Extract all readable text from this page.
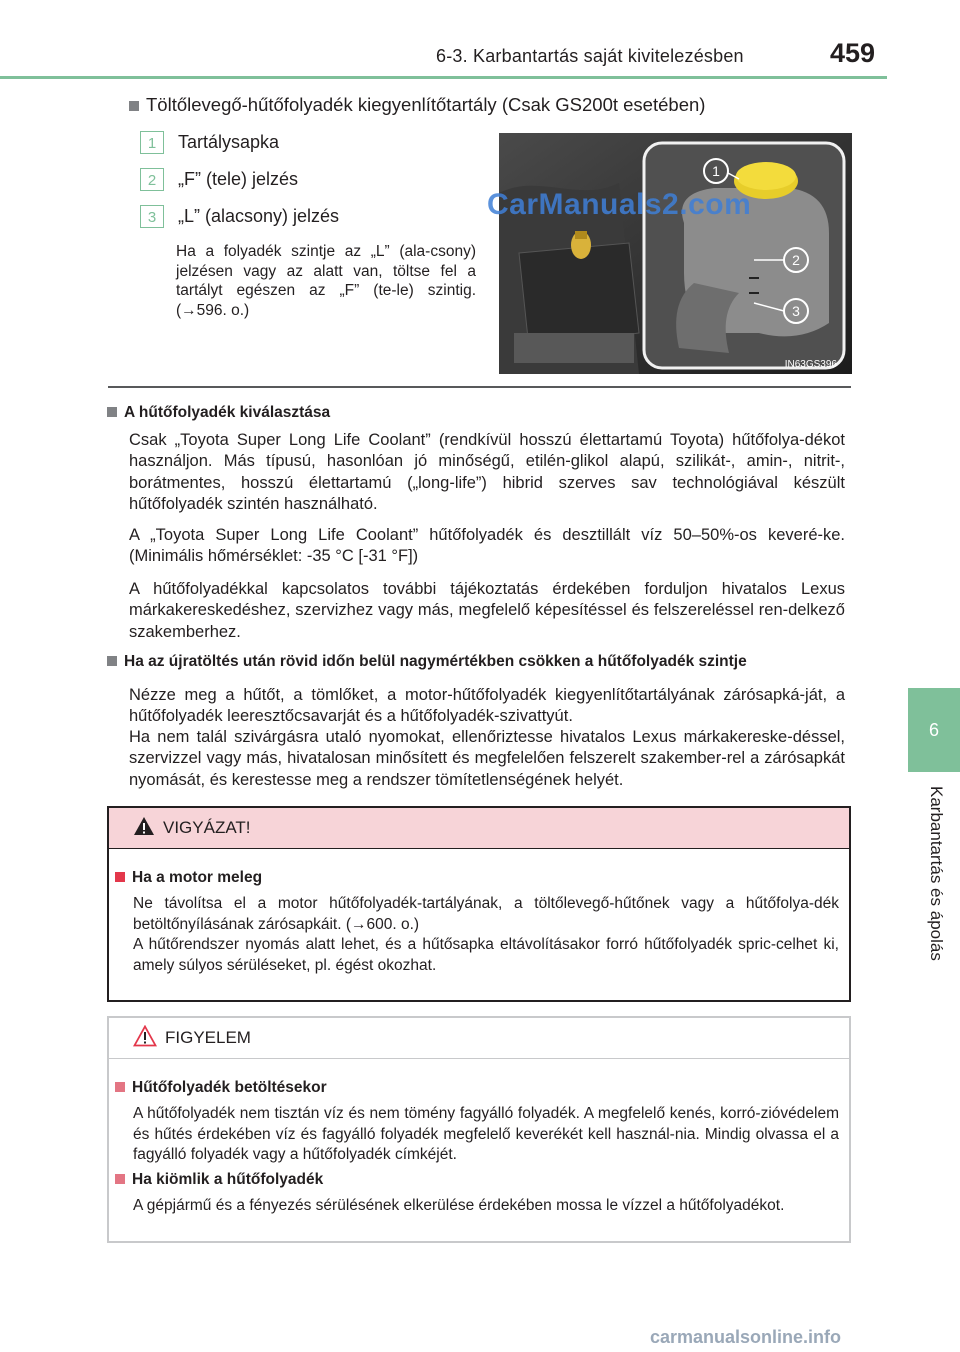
6-3. Karbantartás saját kivitelezésben	459
6
Karbantartás és ápolás
Töltőlevegő-hűtőfolyadék kiegyenlítőtartály (Csak GS200t esetében)
1	Tartálysapka
2	„F” (tele) jelzés
3	„L” (alacsony) jelzés
Ha a folyadék szintje az „L” (ala-csony) jelzésen vagy az alatt van, töltse fel a tartályt egészen az „F” (te-le) szintig. (→596. o.)
1
2
3
IN63GS396
CarManuals2.com
A hűtőfolyadék kiválasztása
Csak „Toyota Super Long Life Coolant” (rendkívül hosszú élettartamú Toyota) hűtőfolya-dékot használjon. Más típusú, hasonlóan jó minőségű, etilén-glikol alapú, szilikát-, amin-, nitrit-, borátmentes, hosszú élettartamú („long-life”) hibrid szerves sav technológiával készült hűtőfolyadék szintén használható.
A „Toyota Super Long Life Coolant” hűtőfolyadék és desztillált víz 50–50%-os keveré-ke. (Minimális hőmérséklet: -35 °C [-31 °F])
A hűtőfolyadékkal kapcsolatos további tájékoztatás érdekében forduljon hivatalos Lexus márkakereskedéshez, szervizhez vagy más, megfelelő képesítéssel és felszereléssel ren-delkező szakemberhez.
Ha az újratöltés után rövid időn belül nagymértékben csökken a hűtőfolyadék szintje
Nézze meg a hűtőt, a tömlőket, a motor-hűtőfolyadék kiegyenlítőtartályának zárósapká-ját, a hűtőfolyadék leeresztőcsavarját és a hűtőfolyadék-szivattyút.
Ha nem talál szivárgásra utaló nyomokat, ellenőriztesse hivatalos Lexus márkakereske-déssel, szervizzel vagy más, hivatalosan minősített és megfelelően felszerelt szakember-rel a zárósapkát nyomását, és kerestesse meg a rendszer tömítetlenségének helyét.
VIGYÁZAT!
Ha a motor meleg
Ne távolítsa el a motor hűtőfolyadék-tartályának, a töltőlevegő-hűtőnek vagy a hűtőfolya-dék betöltőnyílásának zárósapkáit. (→600. o.)
A hűtőrendszer nyomás alatt lehet, és a hűtősapka eltávolításakor forró hűtőfolyadék spric-celhet ki, amely súlyos sérüléseket, pl. égést okozhat.
FIGYELEM
Hűtőfolyadék betöltésekor
A hűtőfolyadék nem tisztán víz és nem tömény fagyálló folyadék. A megfelelő kenés, korró-zióvédelem és hűtés érdekében víz és fagyálló folyadék megfelelő keverékét kell használ-nia. Mindig olvassa el a fagyálló folyadék vagy a hűtőfolyadék címkéjét.
Ha kiömlik a hűtőfolyadék
A gépjármű és a fényezés sérülésének elkerülése érdekében mossa le vízzel a hűtőfolyadékot.
carmanualsonline.info
